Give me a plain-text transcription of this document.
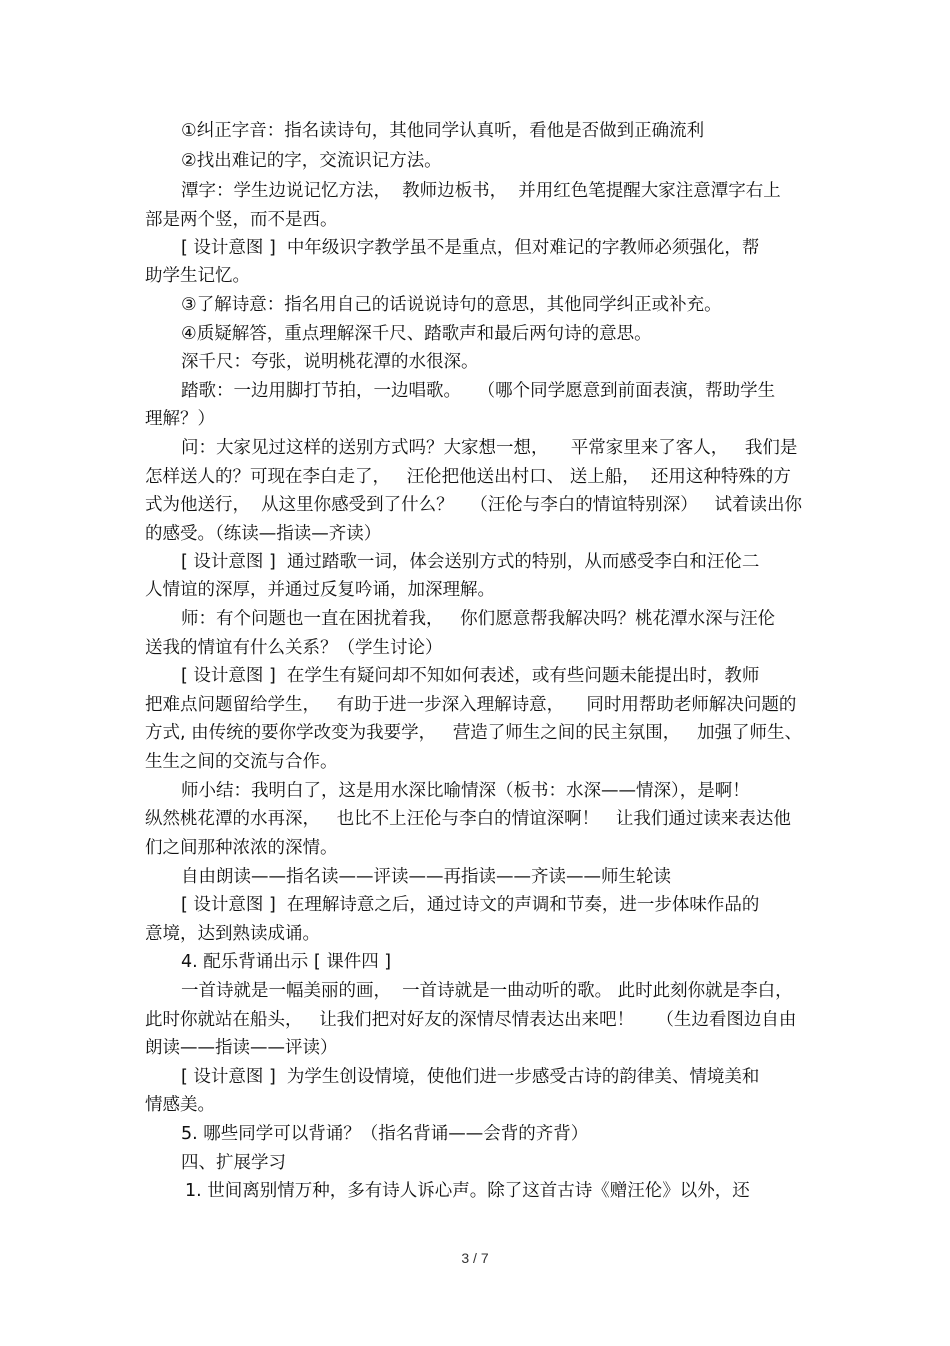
①纠正字音：指名读诗句，其他同学认真听，看他是否做到正确流利
②找出难记的字，交流识记方法。
潭字：学生边说记忆方法，  教师边板书，  并用红色笔提醒大家注意潭字右上
部是两个竖，而不是西。
[ 设计意图 ]  中年级识字教学虽不是重点，但对难记的字教师必须强化，帮
助学生记忆。
③了解诗意：指名用自己的话说说诗句的意思，其他同学纠正或补充。
④质疑解答，重点理解深千尺、踏歌声和最后两句诗的意思。
深千尺：夸张，说明桃花潭的水很深。
踏歌：一边用脚打节拍，一边唱歌。   （哪个同学愿意到前面表演，帮助学生
理解？）
问：大家见过这样的送别方式吗？大家想一想，    平常家里来了客人，   我们是
怎样送人的？可现在李白走了，   汪伦把他送出村口、 送上船，  还用这种特殊的方
式为他送行，  从这里你感受到了什么？   （汪伦与李白的情谊特别深）   试着读出你
的感受。（练读—指读—齐读）
[ 设计意图 ]  通过踏歌一词，体会送别方式的特别，从而感受李白和汪伦二
人情谊的深厚，并通过反复吟诵，加深理解。
师：有个问题也一直在困扰着我，   你们愿意帮我解决吗？桃花潭水深与汪伦
送我的情谊有什么关系？（学生讨论）
[ 设计意图 ]  在学生有疑问却不知如何表述，或有些问题未能提出时，教师
把难点问题留给学生，   有助于进一步深入理解诗意，    同时用帮助老师解决问题的
方式, 由传统的要你学改变为我要学，   营造了师生之间的民主氛围，   加强了师生、
生生之间的交流与合作。
师小结：我明白了，这是用水深比喻情深（板书：水深——情深），是啊！
纵然桃花潭的水再深，   也比不上汪伦与李白的情谊深啊！   让我们通过读来表达他
们之间那种浓浓的深情。
自由朗读——指名读——评读——再指读——齐读——师生轮读
[ 设计意图 ]  在理解诗意之后，通过诗文的声调和节奏，进一步体味作品的
意境，达到熟读成诵。
4. 配乐背诵出示 [ 课件四 ]
一首诗就是一幅美丽的画，  一首诗就是一曲动听的歌。 此时此刻你就是李白，
此时你就站在船头，   让我们把对好友的深情尽情表达出来吧！    （生边看图边自由
朗读——指读——评读）
[ 设计意图 ]  为学生创设情境，使他们进一步感受古诗的韵律美、情境美和
情感美。
5. 哪些同学可以背诵？（指名背诵——会背的齐背）
四、扩展学习
1. 世间离别情万种，多有诗人诉心声。除了这首古诗《赠汪伦》以外，还
3 / 7
